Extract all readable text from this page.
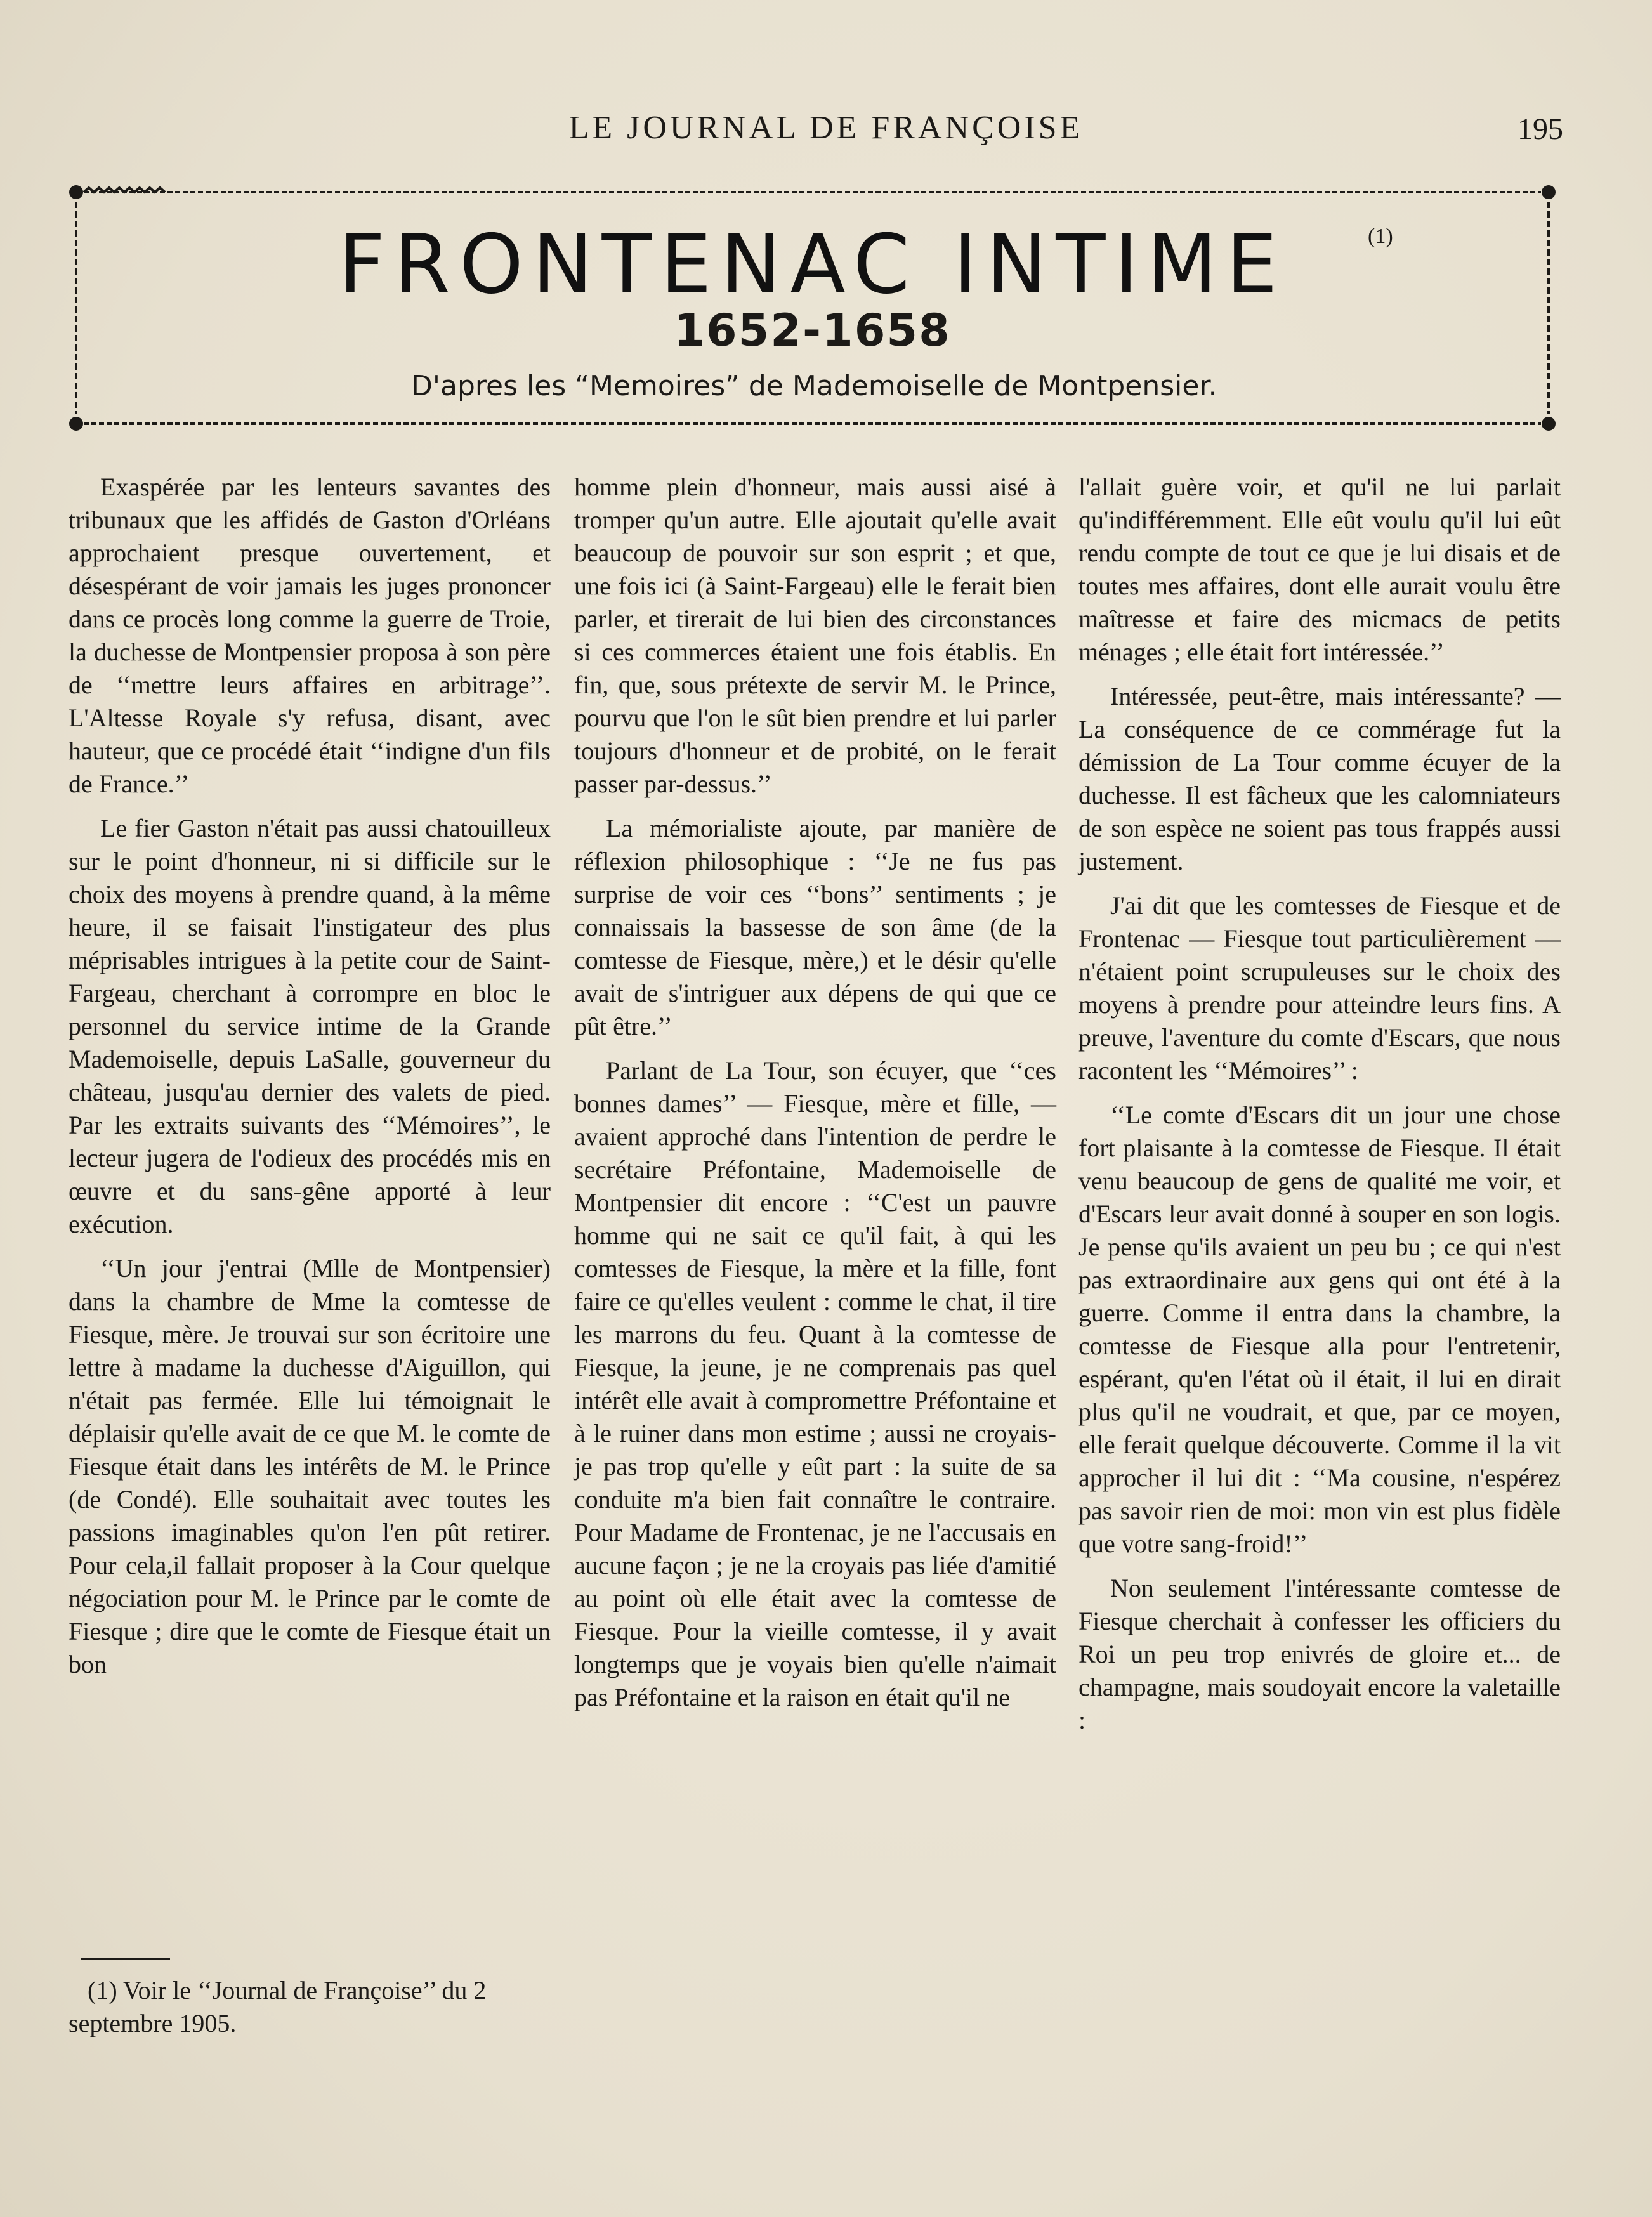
LE JOURNAL DE FRANÇOISE	195
FRONTENAC INTIME	(1)
1652-1658
D'apres les “Memoires” de Mademoiselle de Montpensier.

Exaspérée par les lenteurs savantes des tribunaux que les affidés de Gaston d'Orléans approchaient presque ouvertement, et désespérant de voir jamais les juges prononcer dans ce procès long comme la guerre de Troie, la duchesse de Montpensier proposa à son père de ‘‘mettre leurs affaires en arbitrage’’. L'Altesse Royale s'y refusa, disant, avec hauteur, que ce procédé était ‘‘indigne d'un fils de France.’’

Le fier Gaston n'était pas aussi chatouilleux sur le point d'honneur, ni si difficile sur le choix des moyens à prendre quand, à la même heure, il se faisait l'instigateur des plus méprisables intrigues à la petite cour de Saint-Fargeau, cherchant à corrompre en bloc le personnel du service intime de la Grande Mademoiselle, depuis LaSalle, gouverneur du château, jusqu'au dernier des valets de pied. Par les extraits suivants des ‘‘Mémoires’’, le lecteur jugera de l'odieux des procédés mis en œuvre et du sans-gêne apporté à leur exécution.

‘‘Un jour j'entrai (Mlle de Montpensier) dans la chambre de Mme la comtesse de Fiesque, mère. Je trouvai sur son écritoire une lettre à madame la duchesse d'Aiguillon, qui n'était pas fermée. Elle lui témoignait le déplaisir qu'elle avait de ce que M. le comte de Fiesque était dans les intérêts de M. le Prince (de Condé). Elle souhaitait avec toutes les passions imaginables qu'on l'en pût retirer. Pour cela,il fallait proposer à la Cour quelque négociation pour M. le Prince par le comte de Fiesque ; dire que le comte de Fiesque était un bon

homme plein d'honneur, mais aussi aisé à tromper qu'un autre. Elle ajoutait qu'elle avait beaucoup de pouvoir sur son esprit ; et que, une fois ici (à Saint-Fargeau) elle le ferait bien parler, et tirerait de lui bien des circonstances si ces commerces étaient une fois établis. En fin, que, sous prétexte de servir M. le Prince, pourvu que l'on le sût bien prendre et lui parler toujours d'honneur et de probité, on le ferait passer par-dessus.’’

La mémorialiste ajoute, par manière de réflexion philosophique : ‘‘Je ne fus pas surprise de voir ces ‘‘bons’’ sentiments ; je connaissais la bassesse de son âme (de la comtesse de Fiesque, mère,) et le désir qu'elle avait de s'intriguer aux dépens de qui que ce pût être.’’

Parlant de La Tour, son écuyer, que ‘‘ces bonnes dames’’ — Fiesque, mère et fille, — avaient approché dans l'intention de perdre le secrétaire Préfontaine, Mademoiselle de Montpensier dit encore : ‘‘C'est un pauvre homme qui ne sait ce qu'il fait, à qui les comtesses de Fiesque, la mère et la fille, font faire ce qu'elles veulent : comme le chat, il tire les marrons du feu. Quant à la comtesse de Fiesque, la jeune, je ne comprenais pas quel intérêt elle avait à compromettre Préfontaine et à le ruiner dans mon estime ; aussi ne croyais-je pas trop qu'elle y eût part : la suite de sa conduite m'a bien fait connaître le contraire. Pour Madame de Frontenac, je ne l'accusais en aucune façon ; je ne la croyais pas liée d'amitié au point où elle était avec la comtesse de Fiesque. Pour la vieille comtesse, il y avait longtemps que je voyais bien qu'elle n'aimait pas Préfontaine et la raison en était qu'il ne

l'allait guère voir, et qu'il ne lui parlait qu'indifféremment. Elle eût voulu qu'il lui eût rendu compte de tout ce que je lui disais et de toutes mes affaires, dont elle aurait voulu être maîtresse et faire des micmacs de petits ménages ; elle était fort intéressée.’’

Intéressée, peut-être, mais intéressante? — La conséquence de ce commérage fut la démission de La Tour comme écuyer de la duchesse. Il est fâcheux que les calomniateurs de son espèce ne soient pas tous frappés aussi justement.

J'ai dit que les comtesses de Fiesque et de Frontenac — Fiesque tout particulièrement — n'étaient point scrupuleuses sur le choix des moyens à prendre pour atteindre leurs fins. A preuve, l'aventure du comte d'Escars, que nous racontent les ‘‘Mémoires’’ :

‘‘Le comte d'Escars dit un jour une chose fort plaisante à la comtesse de Fiesque. Il était venu beaucoup de gens de qualité me voir, et d'Escars leur avait donné à souper en son logis. Je pense qu'ils avaient un peu bu ; ce qui n'est pas extraordinaire aux gens qui ont été à la guerre. Comme il entra dans la chambre, la comtesse de Fiesque alla pour l'entretenir, espérant, qu'en l'état où il était, il lui en dirait plus qu'il ne voudrait, et que, par ce moyen, elle ferait quelque découverte. Comme il la vit approcher il lui dit : ‘‘Ma cousine, n'espérez pas savoir rien de moi: mon vin est plus fidèle que votre sang-froid!’’

Non seulement l'intéressante comtesse de Fiesque cherchait à confesser les officiers du Roi un peu trop enivrés de gloire et... de champagne, mais soudoyait encore la valetaille :

(1) Voir le ‘‘Journal de Françoise’’ du 2 septembre 1905.
